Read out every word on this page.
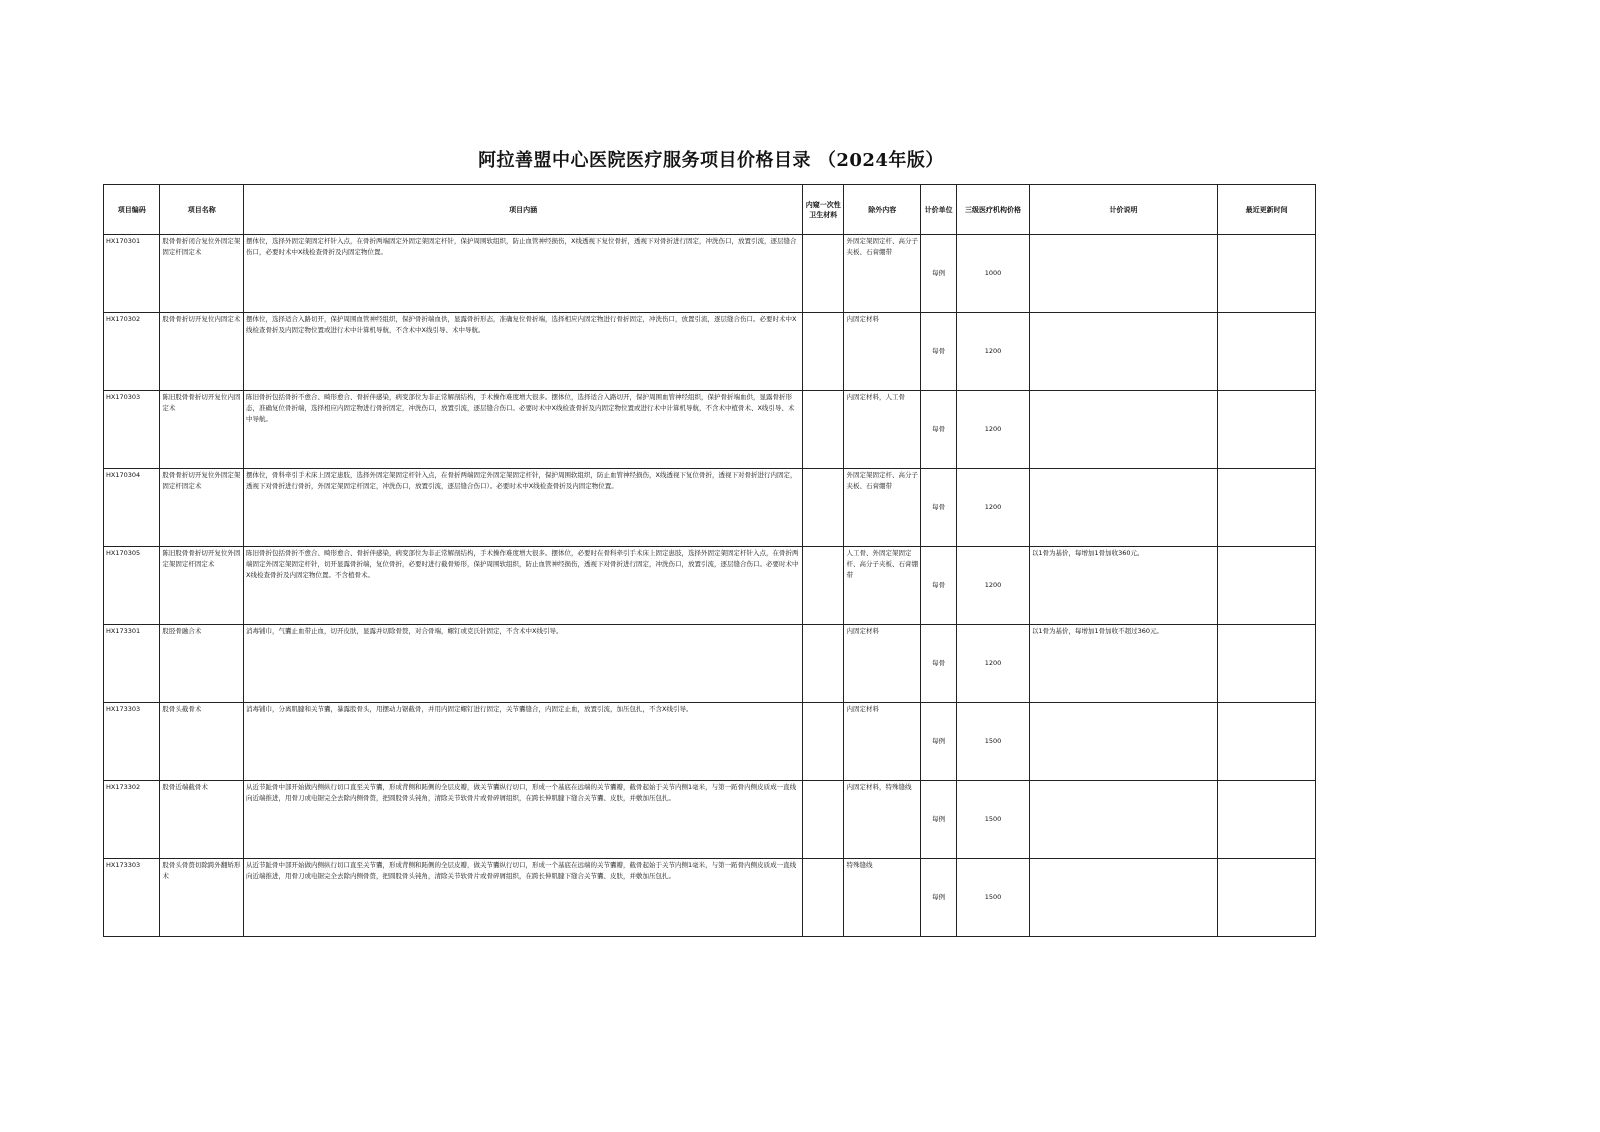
阿拉善盟中心医院医疗服务项目价格目录 （2024年版）
项目编码	项目名称	项目内涵	内窥一次性卫生材料	除外内容	计价单位	三级医疗机构价格	计价说明	最近更新时间
HX170301	股骨骨折闭合复位外固定架固定杆固定术	摆体位，选择外固定架固定杆针入点，在骨折两端固定外固定架固定杆针，保护周围软组织，防止血管神经损伤，X线透视下复位骨折，透视下对骨折进行固定，冲洗伤口，放置引流，逐层缝合伤口，必要时术中X线检查骨折及内固定物位置。		外固定架固定杆、高分子夹板、石膏绷带	每例	1000		
HX170302	股骨骨折切开复位内固定术	摆体位，选择适合入路切开，保护周围血管神经组织，保护骨折端血供，显露骨折形态，准确复位骨折端，选择相应内固定物进行骨折固定，冲洗伤口，放置引流，逐层缝合伤口。必要时术中X线检查骨折及内固定物位置或进行术中计算机导航，不含术中X线引导、术中导航。		内固定材料	每骨	1200		
HX170303	陈旧股骨骨折切开复位内固定术	陈旧骨折包括骨折不愈合、畸形愈合、骨折伴感染，病变部位为非正常解剖结构，手术操作难度增大很多。摆体位，选择适合入路切开，保护周围血管神经组织，保护骨折端血供，显露骨折形态，准确复位骨折端，选择相应内固定物进行骨折固定，冲洗伤口，放置引流，逐层缝合伤口。必要时术中X线检查骨折及内固定物位置或进行术中计算机导航，不含术中植骨术、X线引导、术中导航。		内固定材料，人工骨	每骨	1200		
HX170304	股骨骨折切开复位外固定架固定杆固定术	摆体位，骨科牵引手术床上固定患肢，选择外固定架固定杆针入点，在骨折两端固定外固定架固定杆针，保护周围软组织，防止血管神经损伤，X线透视下复位骨折，透视下对骨折进行内固定，透视下对骨折进行骨折，外固定架固定杆固定，冲洗伤口，放置引流，逐层缝合伤口）。必要时术中X线检查骨折及内固定物位置。		外固定架固定杆、高分子夹板、石膏绷带	每骨	1200		
HX170305	陈旧股骨骨折切开复位外固定架固定杆固定术	陈旧骨折包括骨折不愈合、畸形愈合、骨折伴感染，病变部位为非正常解剖结构，手术操作难度增大很多。摆体位，必要时在骨科牵引手术床上固定患肢，选择外固定架固定杆针入点，在骨折两端固定外固定架固定杆针，切开显露骨折端，复位骨折，必要时进行截骨矫形，保护周围软组织，防止血管神经损伤，透视下对骨折进行固定，冲洗伤口，放置引流，逐层缝合伤口。必要时术中X线检查骨折及内固定物位置。不含植骨术。		人工骨、外固定架固定杆、高分子夹板、石膏绷带	每骨	1200	以1骨为基价，每增加1骨加收360元。	
HX173301	股胫骨融合术	消毒铺巾，气囊止血带止血，切开皮肤，显露并切除骨赘，对合骨端，螺钉或克氏针固定，不含术中X线引导。		内固定材料	每骨	1200	以1骨为基价，每增加1骨加收不超过360元。	
HX173303	股骨头截骨术	消毒铺巾，分离肌腱和关节囊，暴露股骨头，用摆动力锯截骨，并用内固定螺钉进行固定，关节囊缝合，内固定止血，放置引流，加压包扎，不含X线引导。		内固定材料	每例	1500		
HX173302	股骨近端截骨术	从近节趾骨中部开始做内侧纵行切口直至关节囊，形成背侧和跖侧的全层皮瓣，做关节囊纵行切口，形成一个基底在远端的关节囊瓣，截骨起始于关节内侧1毫米，与第一跖骨内侧皮质成一直线向近端推进，用骨刀或电锯完全去除内侧骨赘，把圆股骨头钝角，清除关节软骨片或骨碎屑组织，在跨长伸肌腱下缝合关节囊、皮肤，并敷加压包扎。		内固定材料，特殊缝线	每例	1500		
HX173303	股骨头骨赘切除跨外翻矫形术	从近节趾骨中部开始做内侧纵行切口直至关节囊，形成背侧和跖侧的全层皮瓣，做关节囊纵行切口，形成一个基底在远端的关节囊瓣，截骨起始于关节内侧1毫米，与第一跖骨内侧皮质成一直线向近端推进，用骨刀或电锯完全去除内侧骨赘，把圆股骨头钝角，清除关节软骨片或骨碎屑组织，在跨长伸肌腱下缝合关节囊、皮肤，并敷加压包扎。		特殊缝线	每例	1500		
